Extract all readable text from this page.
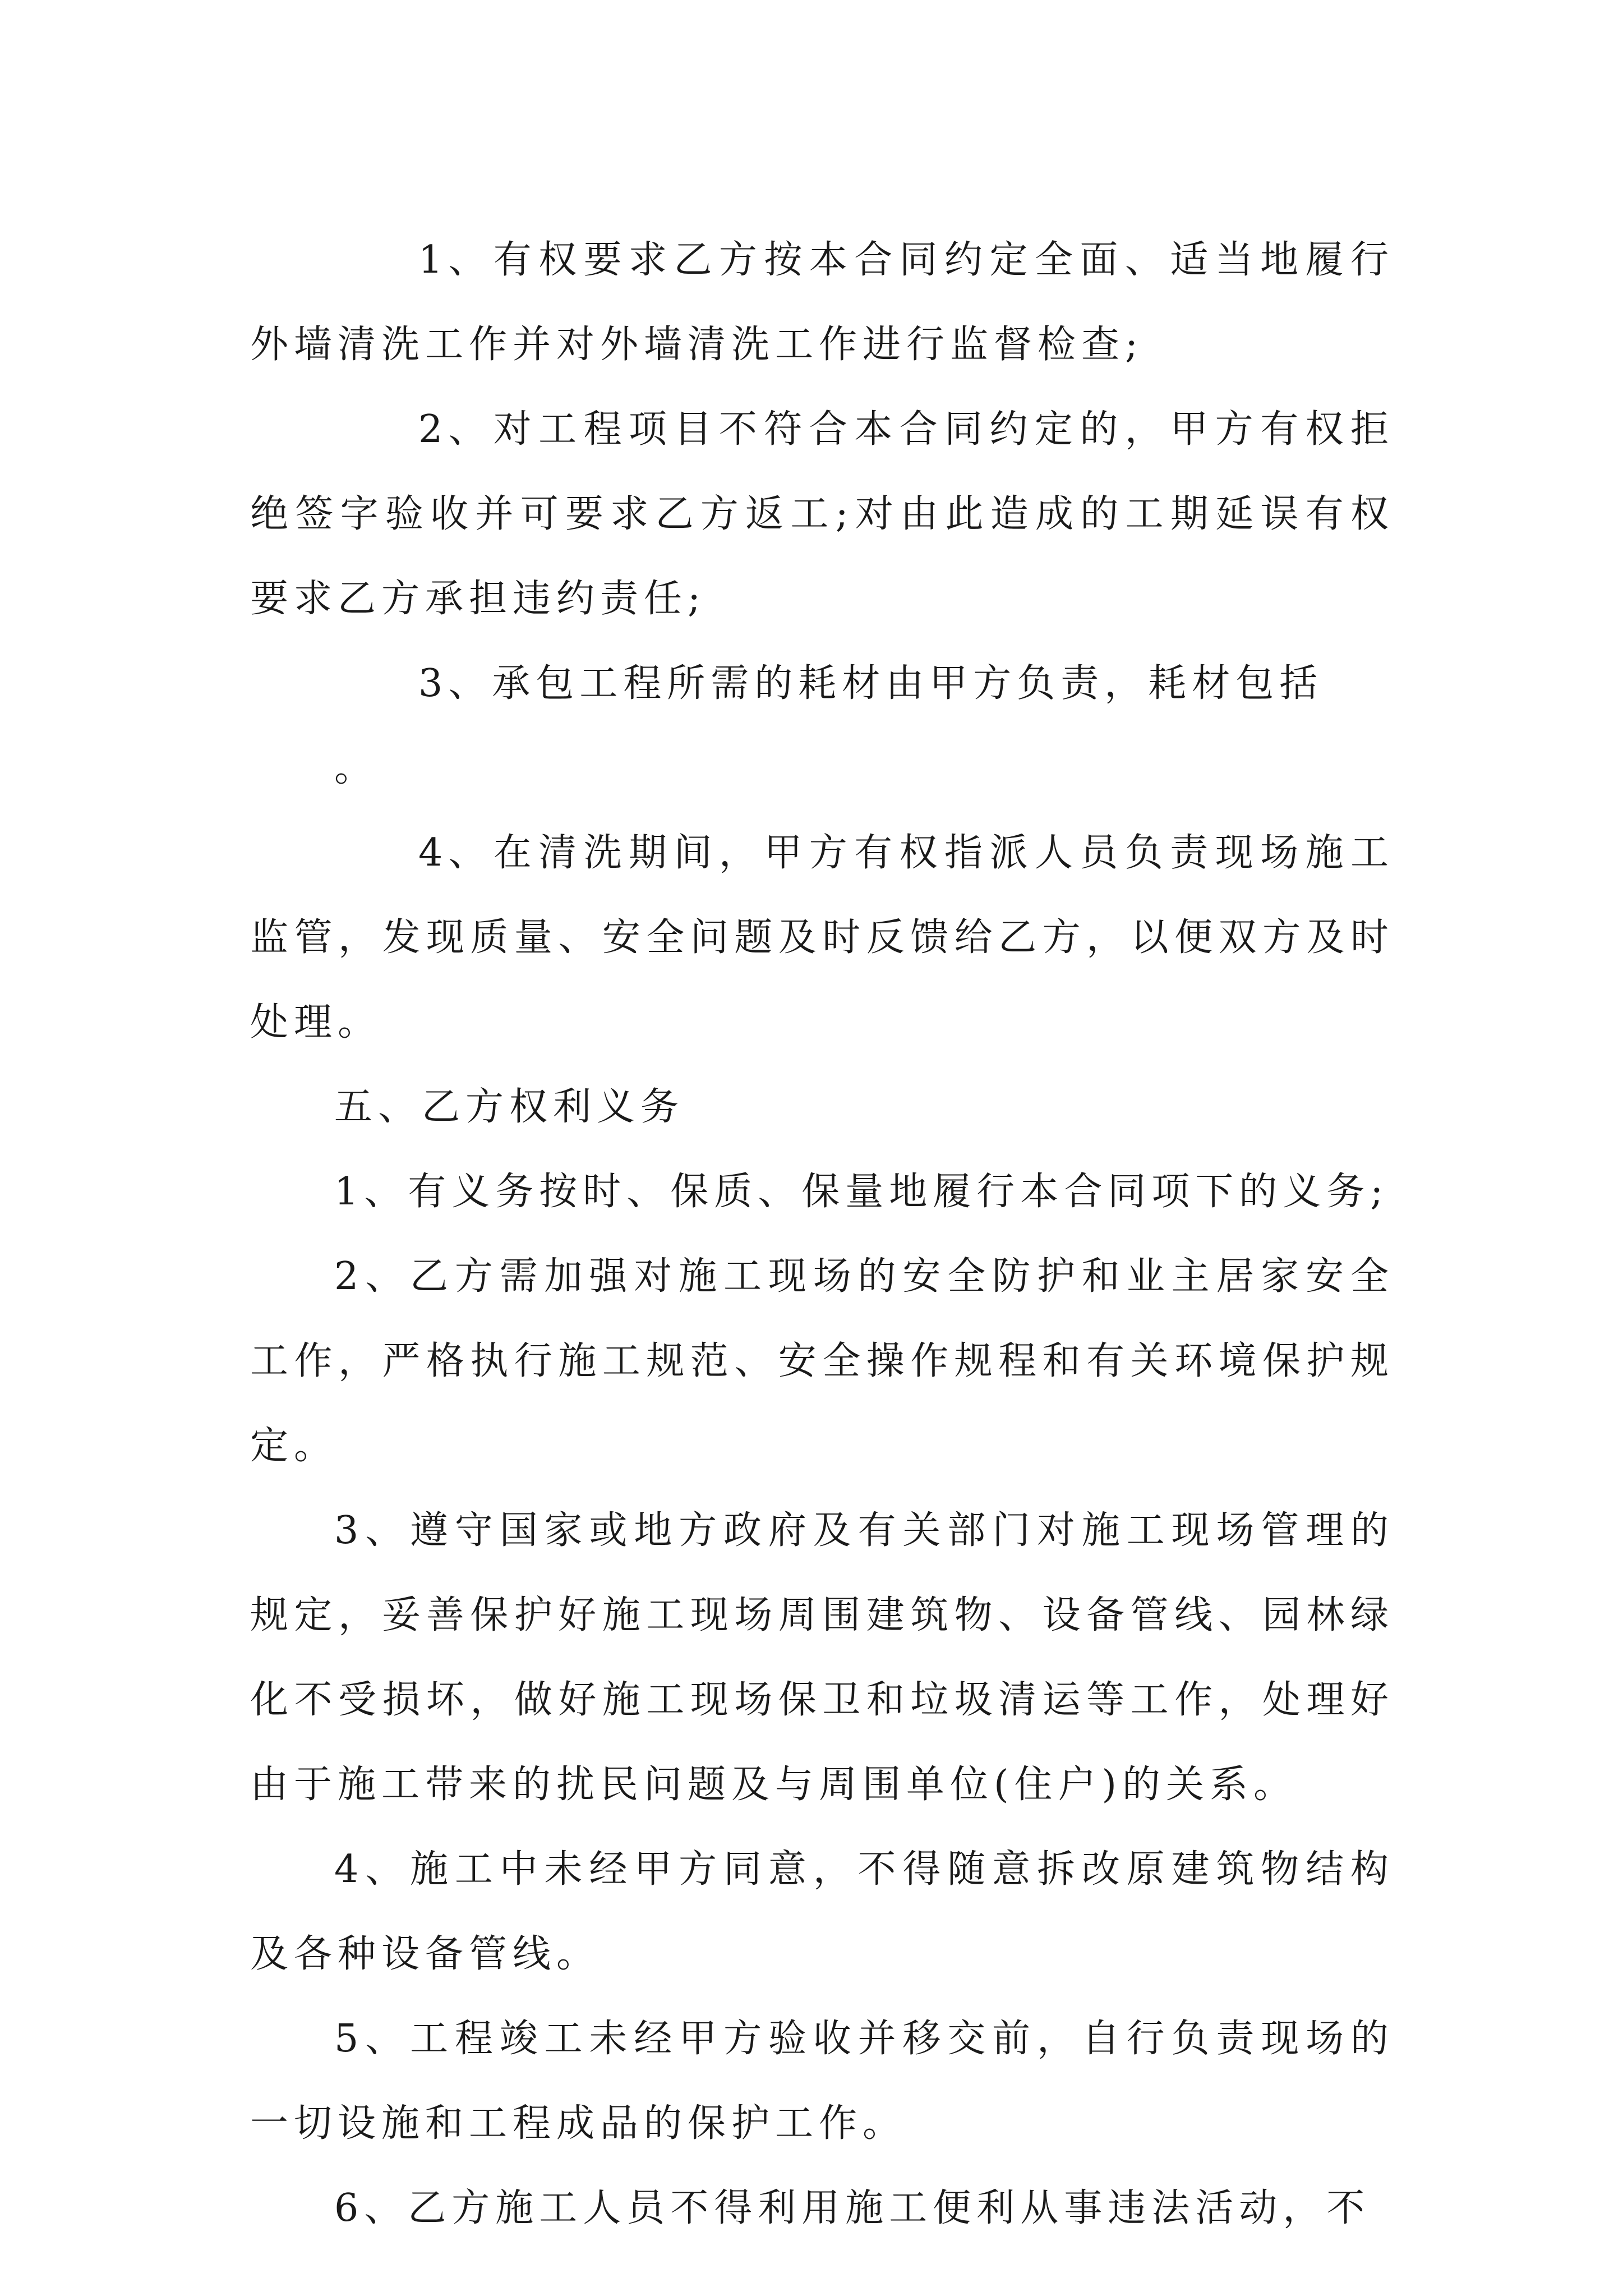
1、有权要求乙方按本合同约定全面、适当地履行外墙清洗工作并对外墙清洗工作进行监督检查;

2、对工程项目不符合本合同约定的，甲方有权拒绝签字验收并可要求乙方返工;对由此造成的工期延误有权要求乙方承担违约责任;

3、承包工程所需的耗材由甲方负责，耗材包括

。

4、在清洗期间，甲方有权指派人员负责现场施工监管，发现质量、安全问题及时反馈给乙方，以便双方及时处理。

五、乙方权利义务

1、有义务按时、保质、保量地履行本合同项下的义务;

2、乙方需加强对施工现场的安全防护和业主居家安全工作，严格执行施工规范、安全操作规程和有关环境保护规定。

3、遵守国家或地方政府及有关部门对施工现场管理的规定，妥善保护好施工现场周围建筑物、设备管线、园林绿化不受损坏，做好施工现场保卫和垃圾清运等工作，处理好由于施工带来的扰民问题及与周围单位(住户)的关系。

4、施工中未经甲方同意，不得随意拆改原建筑物结构及各种设备管线。

5、工程竣工未经甲方验收并移交前，自行负责现场的一切设施和工程成品的保护工作。

6、乙方施工人员不得利用施工便利从事违法活动，不
